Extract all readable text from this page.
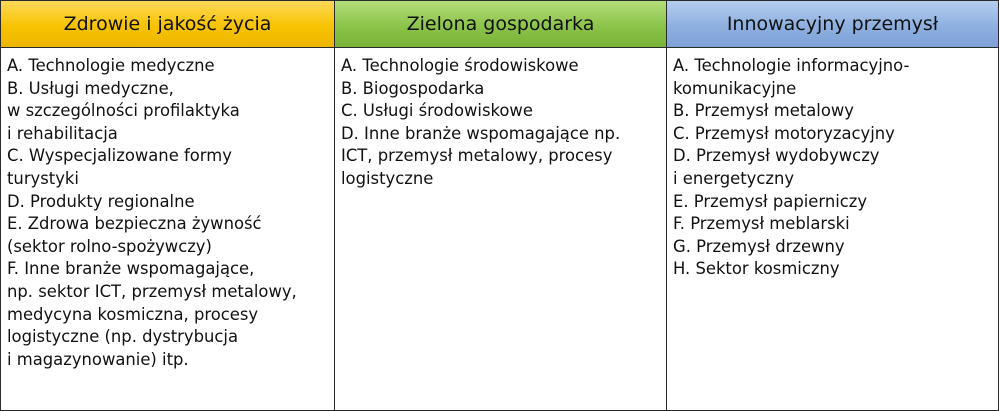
Zdrowie i jakość życia	Zielona gospodarka	Innowacyjny przemysł
A. Technologie medyczne
B. Usługi medyczne,
w szczególności profilaktyka
i rehabilitacja
C. Wyspecjalizowane formy
turystyki
D. Produkty regionalne
E. Zdrowa bezpieczna żywność
(sektor rolno-spożywczy)
F. Inne branże wspomagające,
np. sektor ICT, przemysł metalowy,
medycyna kosmiczna, procesy
logistyczne (np. dystrybucja
i magazynowanie) itp.
A. Technologie środowiskowe
B. Biogospodarka
C. Usługi środowiskowe
D. Inne branże wspomagające np.
ICT, przemysł metalowy, procesy
logistyczne
A. Technologie informacyjno-
komunikacyjne
B. Przemysł metalowy
C. Przemysł motoryzacyjny
D. Przemysł wydobywczy
i energetyczny
E. Przemysł papierniczy
F. Przemysł meblarski
G. Przemysł drzewny
H. Sektor kosmiczny
